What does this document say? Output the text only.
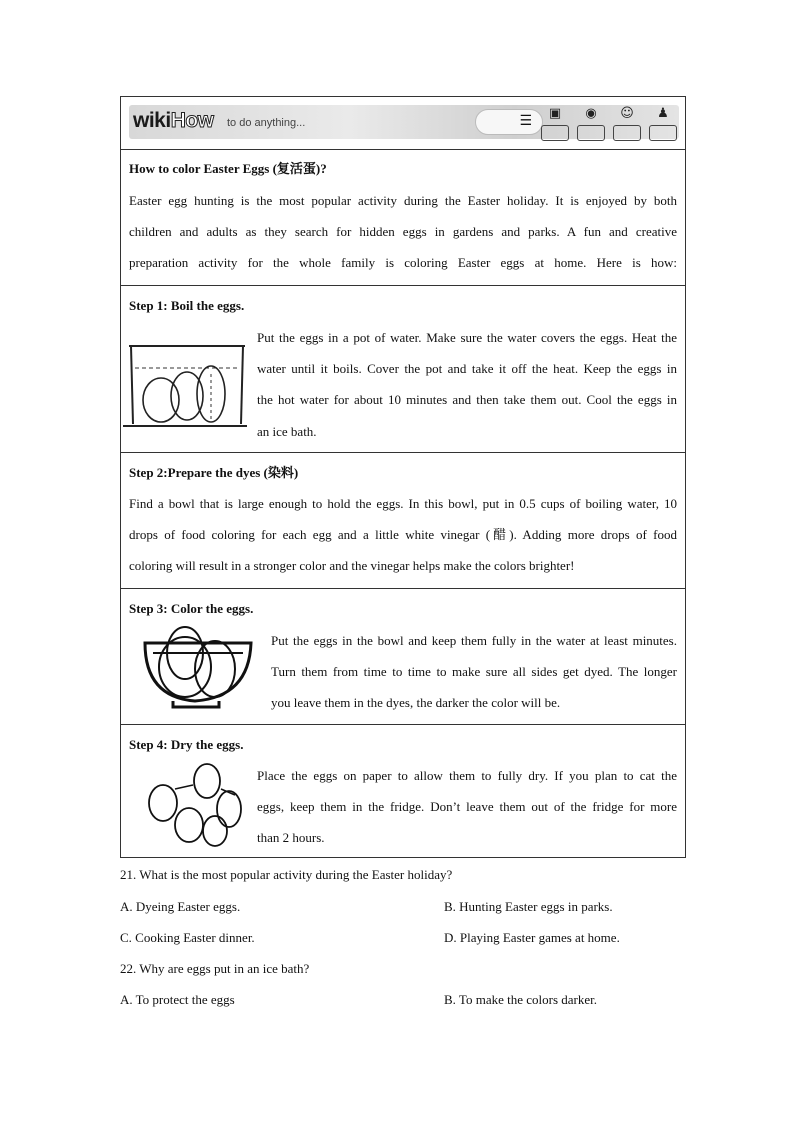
wikiHow to do anything...	☰	▣
	◉
	☺
	♟

How to color Easter Eggs (复活蛋)?
Easter egg hunting is the most popular activity during the Easter holiday. It is enjoyed by both
children and adults as they search for hidden eggs in gardens and parks. A fun and creative
preparation activity for the whole family is coloring Easter eggs at home. Here is how:
Step 1: Boil the eggs.
Put the eggs in a pot of water. Make sure the water covers the eggs. Heat the
water until it boils. Cover the pot and take it off the heat. Keep the eggs in
the hot water for about 10 minutes and then take them out. Cool the eggs in
an ice bath.
Step 2:Prepare the dyes (染料)
Find a bowl that is large enough to hold the eggs. In this bowl, put in 0.5 cups of boiling water, 10
drops of food coloring for each egg and a little white vinegar (醋). Adding more drops of food
coloring will result in a stronger color and the vinegar helps make the colors brighter!
Step 3: Color the eggs.
Put the eggs in the bowl and keep them fully in the water at least minutes.
Turn them from time to time to make sure all sides get dyed. The longer
you leave them in the dyes, the darker the color will be.
Step 4: Dry the eggs.
Place the eggs on paper to allow them to fully dry. If you plan to cat the
eggs, keep them in the fridge. Don’t leave them out of the fridge for more
than 2 hours.
21. What is the most popular activity during the Easter holiday?
A. Dyeing Easter eggs.	B. Hunting Easter eggs in parks.
C. Cooking Easter dinner.	D. Playing Easter games at home.
22. Why are eggs put in an ice bath?
A. To protect the eggs	B. To make the colors darker.
